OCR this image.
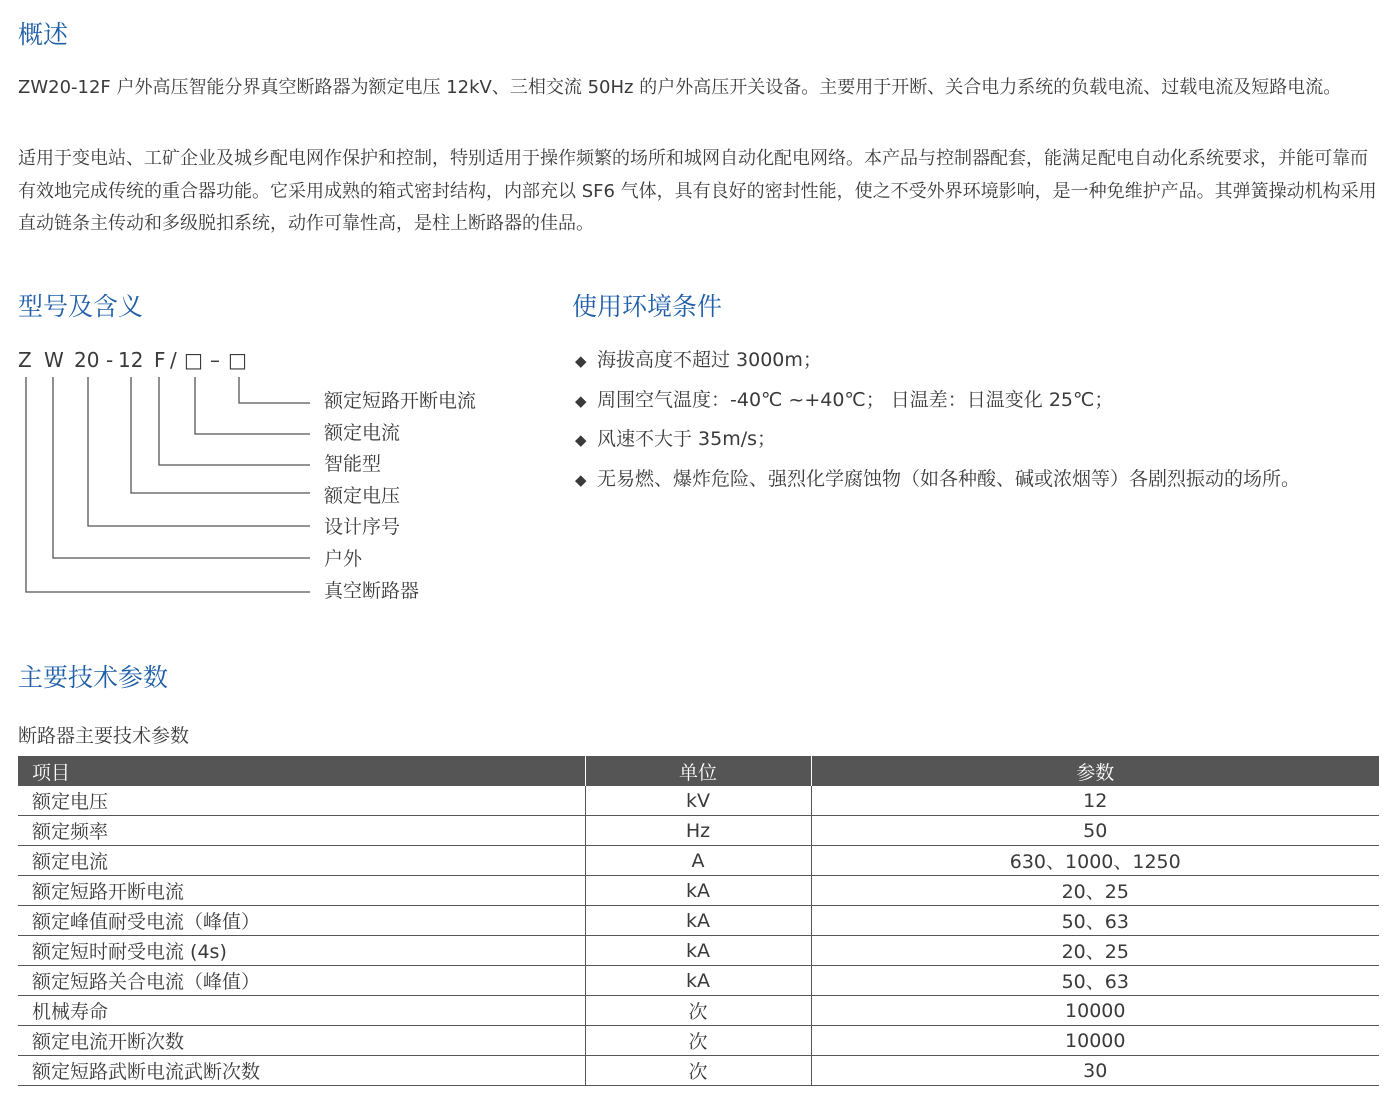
概述

ZW20-12F 户外高压智能分界真空断路器为额定电压 12kV、三相交流 50Hz 的户外高压开关设备。主要用于开断、关合电力系统的负载电流、过载电流及短路电流。

适用于变电站、工矿企业及城乡配电网作保护和控制，特别适用于操作频繁的场所和城网自动化配电网络。本产品与控制器配套，能满足配电自动化系统要求，并能可靠而有效地完成传统的重合器功能。它采用成熟的箱式密封结构，内部充以 SF6 气体，具有良好的密封性能，使之不受外界环境影响，是一种免维护产品。其弹簧操动机构采用直动链条主传动和多级脱扣系统，动作可靠性高，是柱上断路器的佳品。

型号及含义
Z W 20 - 12 F / □ – □
额定短路开断电流
额定电流
智能型
额定电压
设计序号
户外
真空断路器
使用环境条件
◆ 海拔高度不超过 3000m；
◆ 周围空气温度：-40℃ ~+40℃； 日温差：日温变化 25℃；
◆ 风速不大于 35m/s；
◆ 无易燃、爆炸危险、强烈化学腐蚀物（如各种酸、碱或浓烟等）各剧烈振动的场所。
主要技术参数

断路器主要技术参数

项目	单位	参数
额定电压	kV	12
额定频率	Hz	50
额定电流	A	630、1000、1250
额定短路开断电流	kA	20、25
额定峰值耐受电流（峰值）	kA	50、63
额定短时耐受电流 (4s)	kA	20、25
额定短路关合电流（峰值）	kA	50、63
机械寿命	次	10000
额定电流开断次数	次	10000
额定短路武断电流武断次数	次	30
